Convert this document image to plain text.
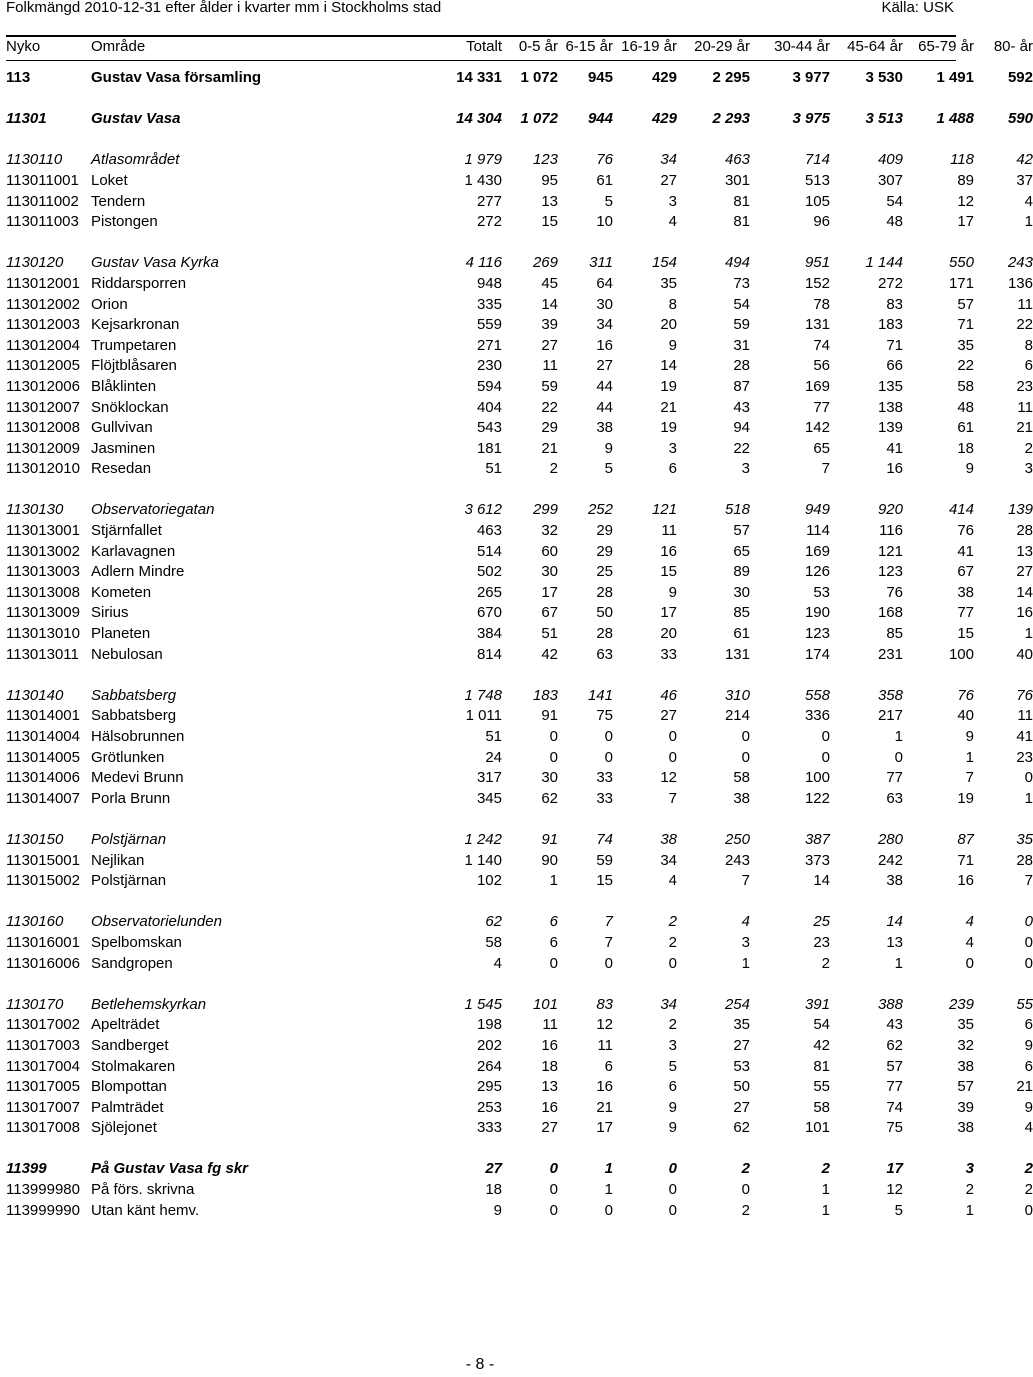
Folkmängd 2010-12-31 efter ålder i kvarter mm i Stockholms stad	Källa: USK
Nyko	Område	Totalt	0-5 år	6-15 år	16-19 år	20-29 år	30-44 år	45-64 år	65-79 år	80- år
113	Gustav Vasa församling	14 331	1 072	945	429	2 295	3 977	3 530	1 491	592

11301	Gustav Vasa	14 304	1 072	944	429	2 293	3 975	3 513	1 488	590

1130110	Atlasområdet	1 979	123	76	34	463	714	409	118	42
113011001	Loket	1 430	95	61	27	301	513	307	89	37
113011002	Tendern	277	13	5	3	81	105	54	12	4
113011003	Pistongen	272	15	10	4	81	96	48	17	1

1130120	Gustav Vasa Kyrka	4 116	269	311	154	494	951	1 144	550	243
113012001	Riddarsporren	948	45	64	35	73	152	272	171	136
113012002	Orion	335	14	30	8	54	78	83	57	11
113012003	Kejsarkronan	559	39	34	20	59	131	183	71	22
113012004	Trumpetaren	271	27	16	9	31	74	71	35	8
113012005	Flöjtblåsaren	230	11	27	14	28	56	66	22	6
113012006	Blåklinten	594	59	44	19	87	169	135	58	23
113012007	Snöklockan	404	22	44	21	43	77	138	48	11
113012008	Gullvivan	543	29	38	19	94	142	139	61	21
113012009	Jasminen	181	21	9	3	22	65	41	18	2
113012010	Resedan	51	2	5	6	3	7	16	9	3

1130130	Observatoriegatan	3 612	299	252	121	518	949	920	414	139
113013001	Stjärnfallet	463	32	29	11	57	114	116	76	28
113013002	Karlavagnen	514	60	29	16	65	169	121	41	13
113013003	Adlern Mindre	502	30	25	15	89	126	123	67	27
113013008	Kometen	265	17	28	9	30	53	76	38	14
113013009	Sirius	670	67	50	17	85	190	168	77	16
113013010	Planeten	384	51	28	20	61	123	85	15	1
113013011	Nebulosan	814	42	63	33	131	174	231	100	40

1130140	Sabbatsberg	1 748	183	141	46	310	558	358	76	76
113014001	Sabbatsberg	1 011	91	75	27	214	336	217	40	11
113014004	Hälsobrunnen	51	0	0	0	0	0	1	9	41
113014005	Grötlunken	24	0	0	0	0	0	0	1	23
113014006	Medevi Brunn	317	30	33	12	58	100	77	7	0
113014007	Porla Brunn	345	62	33	7	38	122	63	19	1

1130150	Polstjärnan	1 242	91	74	38	250	387	280	87	35
113015001	Nejlikan	1 140	90	59	34	243	373	242	71	28
113015002	Polstjärnan	102	1	15	4	7	14	38	16	7

1130160	Observatorielunden	62	6	7	2	4	25	14	4	0
113016001	Spelbomskan	58	6	7	2	3	23	13	4	0
113016006	Sandgropen	4	0	0	0	1	2	1	0	0

1130170	Betlehemskyrkan	1 545	101	83	34	254	391	388	239	55
113017002	Apelträdet	198	11	12	2	35	54	43	35	6
113017003	Sandberget	202	16	11	3	27	42	62	32	9
113017004	Stolmakaren	264	18	6	5	53	81	57	38	6
113017005	Blompottan	295	13	16	6	50	55	77	57	21
113017007	Palmträdet	253	16	21	9	27	58	74	39	9
113017008	Sjölejonet	333	27	17	9	62	101	75	38	4

11399	På Gustav Vasa fg skr	27	0	1	0	2	2	17	3	2
113999980	På förs. skrivna	18	0	1	0	0	1	12	2	2
113999990	Utan känt hemv.	9	0	0	0	2	1	5	1	0
- 8 -
